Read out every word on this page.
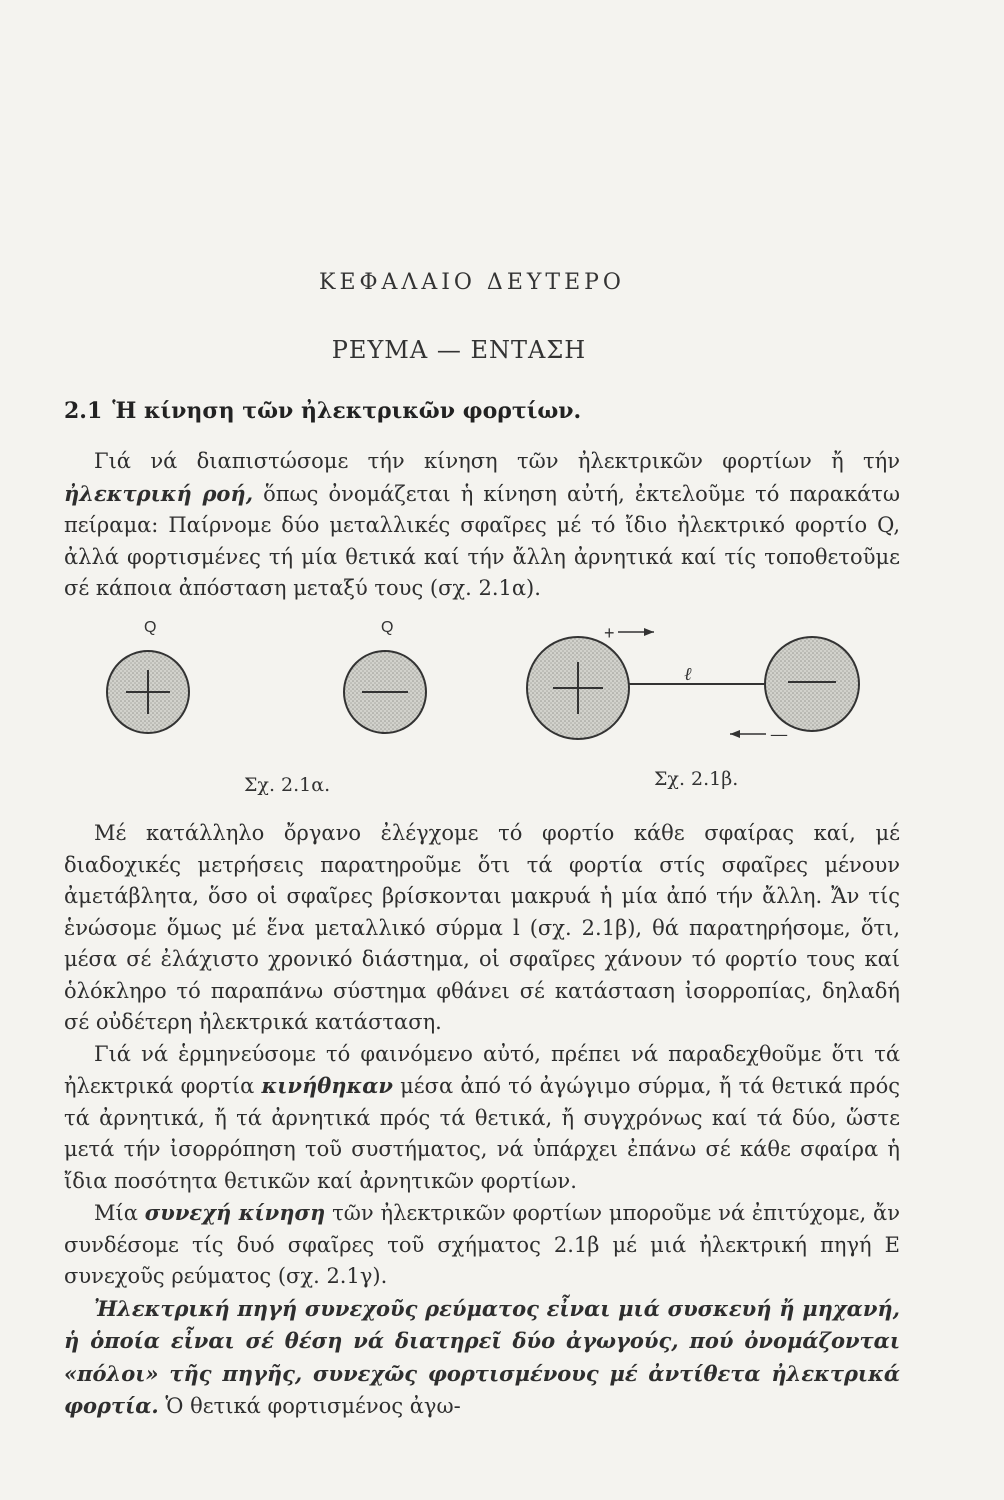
ΚΕΦΑΛΑΙΟ ΔΕΥΤΕΡΟ
ΡΕΥΜΑ — ΕΝΤΑΣΗ
2.1 Ἡ κίνηση τῶν ἠλεκτρικῶν φορτίων.

Γιά νά διαπιστώσομε τήν κίνηση τῶν ἠλεκτρικῶν φορτίων ἤ τήν ἠλεκτρική ροή, ὅπως ὀνομάζεται ἡ κίνηση αὐτή, ἐκτελοῦμε τό παρακάτω πείραμα: Παίρνομε δύο μεταλλικές σφαῖρες μέ τό ἴδιο ἠλεκτρικό φορτίο Q, ἀλλά φορτισμένες τή μία θετικά καί τήν ἄλλη ἀρνητικά καί τίς τοποθετοῦμε σέ κάποια ἀπόσταση μεταξύ τους (σχ. 2.1α).

Q	Q	+
ℓ
—
Σχ. 2.1α.	Σχ. 2.1β.

Μέ κατάλληλο ὄργανο ἐλέγχομε τό φορτίο κάθε σφαίρας καί, μέ διαδοχικές μετρήσεις παρατηροῦμε ὅτι τά φορτία στίς σφαῖρες μένουν ἀμετάβλητα, ὅσο οἱ σφαῖρες βρίσκονται μακρυά ἡ μία ἀπό τήν ἄλλη. Ἄν τίς ἑνώσομε ὅμως μέ ἕνα μεταλλικό σύρμα l (σχ. 2.1β), θά παρατηρήσομε, ὅτι, μέσα σέ ἐλάχιστο χρονικό διάστημα, οἱ σφαῖρες χάνουν τό φορτίο τους καί ὁλόκληρο τό παραπάνω σύστημα φθάνει σέ κατάσταση ἰσορροπίας, δηλαδή σέ οὐδέτερη ἠλεκτρικά κατάσταση.

Γιά νά ἑρμηνεύσομε τό φαινόμενο αὐτό, πρέπει νά παραδεχθοῦμε ὅτι τά ἠλεκτρικά φορτία κινήθηκαν μέσα ἀπό τό ἀγώγιμο σύρμα, ἤ τά θετικά πρός τά ἀρνητικά, ἤ τά ἀρνητικά πρός τά θετικά, ἤ συγχρόνως καί τά δύο, ὥστε μετά τήν ἰσορρόπηση τοῦ συστήματος, νά ὑπάρχει ἐπάνω σέ κάθε σφαίρα ἡ ἴδια ποσότητα θετικῶν καί ἀρνητικῶν φορτίων.

Μία συνεχή κίνηση τῶν ἠλεκτρικῶν φορτίων μποροῦμε νά ἐπιτύχομε, ἄν συνδέσομε τίς δυό σφαῖρες τοῦ σχήματος 2.1β μέ μιά ἠλεκτρική πηγή Ε συνεχοῦς ρεύματος (σχ. 2.1γ).

Ἠλεκτρική πηγή συνεχοῦς ρεύματος εἶναι μιά συσκευή ἤ μηχανή, ἡ ὁποία εἶναι σέ θέση νά διατηρεῖ δύο ἀγωγούς, πού ὀνομάζονται «πόλοι» τῆς πηγῆς, συνεχῶς φορτισμένους μέ ἀντίθετα ἠλεκτρικά φορτία. Ὁ θετικά φορτισμένος ἀγω-
